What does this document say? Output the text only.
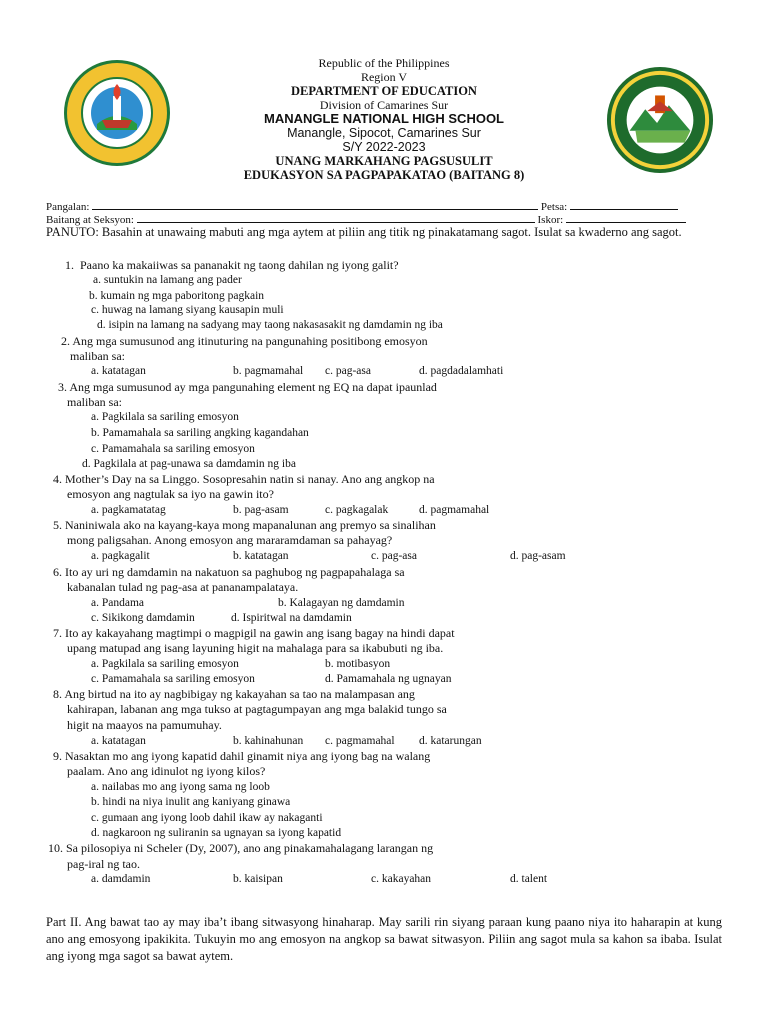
Republic of the Philippines
Region V
DEPARTMENT OF EDUCATION
Division of Camarines Sur
MANANGLE NATIONAL HIGH SCHOOL
Manangle, Sipocot, Camarines Sur
S/Y 2022-2023
UNANG MARKAHANG PAGSUSULIT
EDUKASYON SA PAGPAPAKATAO (BAITANG 8)
Pangalan:	Petsa:
Baitang at Seksyon:	Iskor:
PANUTO: Basahin at unawaing mabuti ang mga aytem at piliin ang titik ng pinakatamang sagot. Isulat sa kwaderno ang sagot.
1. Paano ka makaiiwas sa pananakit ng taong dahilan ng iyong galit?
a. suntukin na lamang ang pader
b. kumain ng mga paboritong pagkain
c. huwag na lamang siyang kausapin muli
d. isipin na lamang na sadyang may taong nakasasakit ng damdamin ng iba
2. Ang mga sumusunod ang itinuturing na pangunahing positibong emosyon
maliban sa:
a. katatagan	b. pagmamahal c. pag-asa	d. pagdadalamhati
3. Ang mga sumusunod ay mga pangunahing element ng EQ na dapat ipaunlad
maliban sa:
a. Pagkilala sa sariling emosyon
b. Pamamahala sa sariling angking kagandahan
c. Pamamahala sa sariling emosyon
d. Pagkilala at pag-unawa sa damdamin ng iba
4. Mother’s Day na sa Linggo. Sosopresahin natin si nanay. Ano ang angkop na
emosyon ang nagtulak sa iyo na gawin ito?
a. pagkamatatag	b. pag-asam	c. pagkagalak	d. pagmamahal
5. Naniniwala ako na kayang-kaya mong mapanalunan ang premyo sa sinalihan
mong paligsahan. Anong emosyon ang mararamdaman sa pahayag?
a. pagkagalit	b. katatagan	c. pag-asa	d. pag-asam
6. Ito ay uri ng damdamin na nakatuon sa paghubog ng pagpapahalaga sa
kabanalan tulad ng pag-asa at pananampalataya.
a. Pandama	b. Kalagayan ng damdamin
c. Sikikong damdamin	d. Ispiritwal na damdamin
7. Ito ay kakayahang magtimpi o magpigil na gawin ang isang bagay na hindi dapat
upang matupad ang isang layuning higit na mahalaga para sa ikabubuti ng iba.
a. Pagkilala sa sariling emosyon	b. motibasyon
c. Pamamahala sa sariling emosyon	d. Pamamahala ng ugnayan
8. Ang birtud na ito ay nagbibigay ng kakayahan sa tao na malampasan ang
kahirapan, labanan ang mga tukso at pagtagumpayan ang mga balakid tungo sa
higit na maayos na pamumuhay.
a. katatagan	b. kahinahunan c. pagmamahal d. katarungan
9. Nasaktan mo ang iyong kapatid dahil ginamit niya ang iyong bag na walang
paalam. Ano ang idinulot ng iyong kilos?
a. nailabas mo ang iyong sama ng loob
b. hindi na niya inulit ang kaniyang ginawa
c. gumaan ang iyong loob dahil ikaw ay nakaganti
d. nagkaroon ng suliranin sa ugnayan sa iyong kapatid
10. Sa pilosopiya ni Scheler (Dy, 2007), ano ang pinakamahalagang larangan ng
pag-iral ng tao.
a. damdamin	b. kaisipan	c. kakayahan	d. talent
Part II. Ang bawat tao ay may iba’t ibang sitwasyong hinaharap. May sarili rin siyang paraan kung paano niya ito haharapin at kung ano ang emosyong ipakikita. Tukuyin mo ang emosyon na angkop sa bawat sitwasyon. Piliin ang sagot mula sa kahon sa ibaba. Isulat ang iyong mga sagot sa bawat aytem.
